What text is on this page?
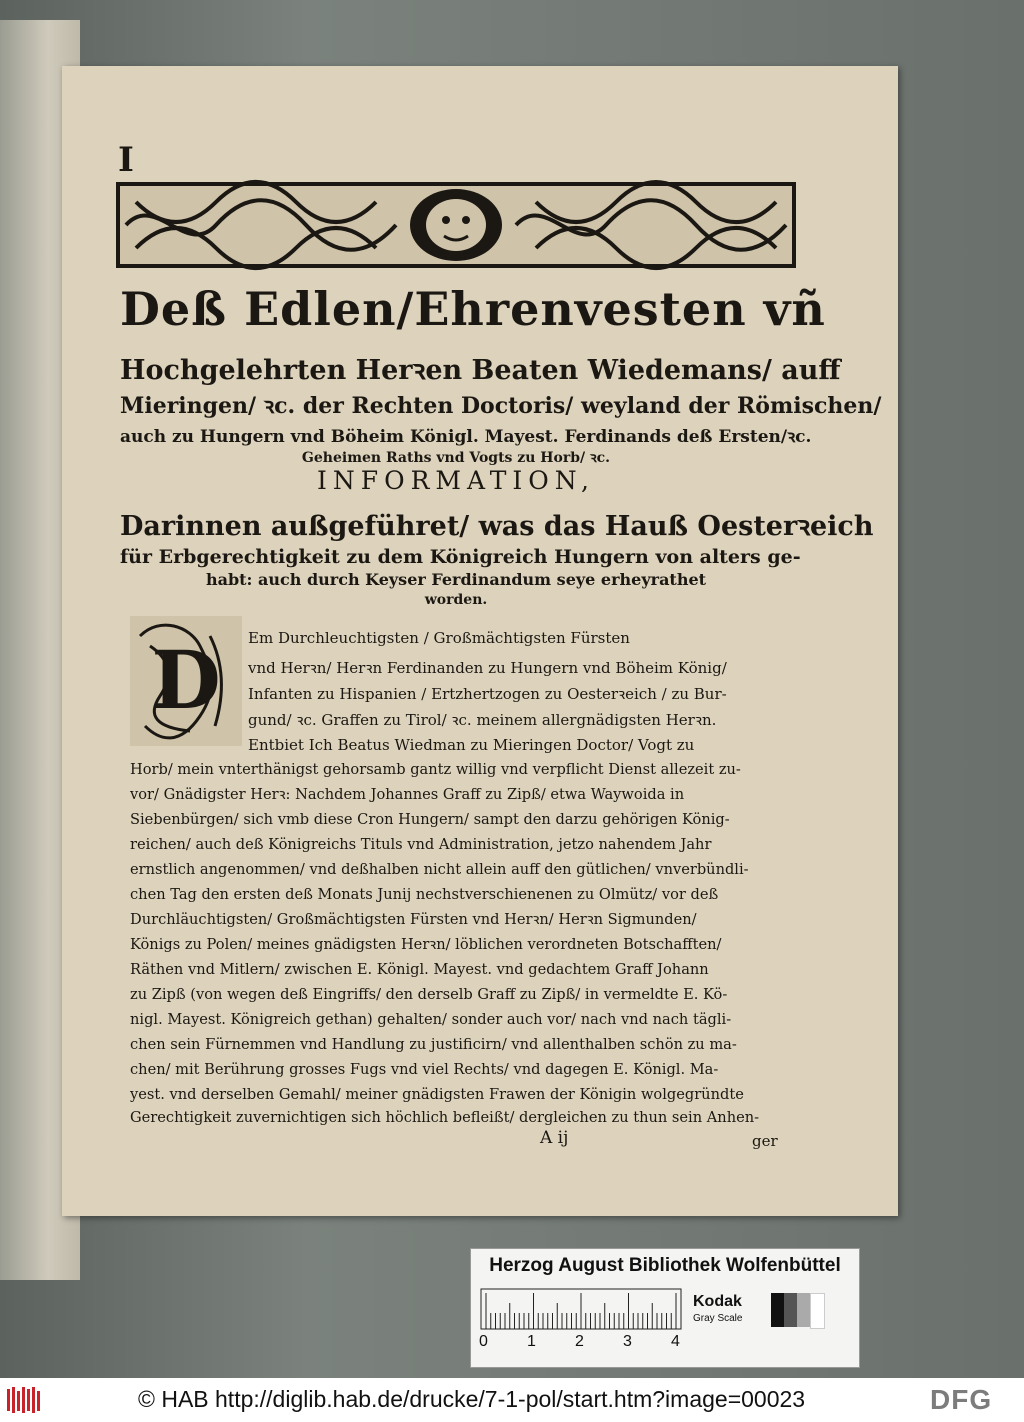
I
Deß Edlen/Ehrenvesten vñ
Hochgelehrten Herꝛen Beaten Wiedemans/ auff
Mieringen/ ꝛc. der Rechten Doctoris/ weyland der Römischen/
auch zu Hungern vnd Böheim Königl. Mayest. Ferdinands deß Ersten/ꝛc.
Geheimen Raths vnd Vogts zu Horb/ ꝛc.
INFORMATION,
Darinnen außgeführet/ was das Hauß Oesterꝛeich
für Erbgerechtigkeit zu dem Königreich Hungern von alters ge-
habt: auch durch Keyser Ferdinandum seye erheyrathet
worden.
D Em Durchleuchtigsten / Großmächtigsten Fürsten
vnd Herꝛn/ Herꝛn Ferdinanden zu Hungern vnd Böheim König/
Infanten zu Hispanien / Ertzhertzogen zu Oesterꝛeich / zu Bur-
gund/ ꝛc. Graffen zu Tirol/ ꝛc. meinem allergnädigsten Herꝛn.
Entbiet Ich Beatus Wiedman zu Mieringen Doctor/ Vogt zu
Horb/ mein vnterthänigst gehorsamb gantz willig vnd verpflicht Dienst allezeit zu-
vor/ Gnädigster Herꝛ: Nachdem Johannes Graff zu Zipß/ etwa Waywoida in
Siebenbürgen/ sich vmb diese Cron Hungern/ sampt den darzu gehörigen König-
reichen/ auch deß Königreichs Tituls vnd Administration, jetzo nahendem Jahr
ernstlich angenommen/ vnd deßhalben nicht allein auff den gütlichen/ vnverbündli-
chen Tag den ersten deß Monats Junij nechstverschienenen zu Olmütz/ vor deß
Durchläuchtigsten/ Großmächtigsten Fürsten vnd Herꝛn/ Herꝛn Sigmunden/
Königs zu Polen/ meines gnädigsten Herꝛn/ löblichen verordneten Botschafften/
Räthen vnd Mitlern/ zwischen E. Königl. Mayest. vnd gedachtem Graff Johann
zu Zipß (von wegen deß Eingriffs/ den derselb Graff zu Zipß/ in vermeldte E. Kö-
nigl. Mayest. Königreich gethan) gehalten/ sonder auch vor/ nach vnd nach tägli-
chen sein Fürnemmen vnd Handlung zu justificirn/ vnd allenthalben schön zu ma-
chen/ mit Berührung grosses Fugs vnd viel Rechts/ vnd dagegen E. Königl. Ma-
yest. vnd derselben Gemahl/ meiner gnädigsten Frawen der Königin wolgegründte
Gerechtigkeit zuvernichtigen sich höchlich befleißt/ dergleichen zu thun sein Anhen-
A ij	ger
Herzog August Bibliothek Wolfenbüttel
0 1 2 3 4
Kodak
Gray Scale
© HAB http://diglib.hab.de/drucke/7-1-pol/start.htm?image=00023	DFG
